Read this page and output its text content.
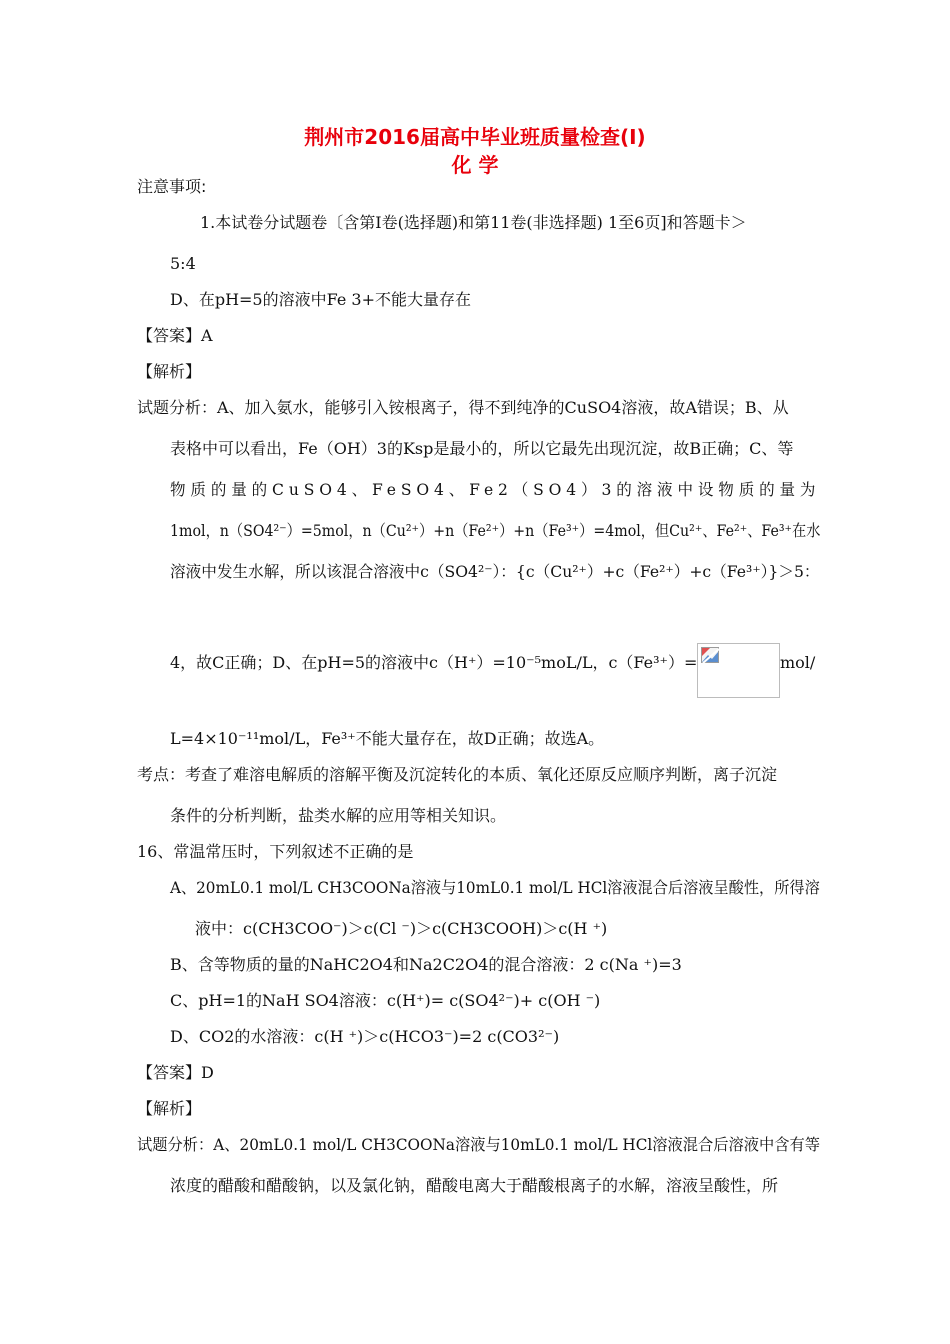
荆州市2016届高中毕业班质量检查(I)
化 学
注意事项:
1.本试卷分试题卷〔含第Ⅰ卷(选择题)和第11卷(非选择题) 1至6页]和答题卡＞
5:4
D、在pH=5的溶液中Fe 3+不能大量存在
【答案】A
【解析】
试题分析：A、加入氨水，能够引入铵根离子，得不到纯净的CuSO4溶液，故A错误；B、从
表格中可以看出，Fe（OH）3的Ksp是最小的，所以它最先出现沉淀，故B正确；C、等
物质的量的CuSO4、FeSO4、Fe2（SO4）3的溶液中设物质的量为
1mol，n（SO4²⁻）=5mol，n（Cu²⁺）+n（Fe²⁺）+n（Fe³⁺）=4mol，但Cu²⁺、Fe²⁺、Fe³⁺在水
溶液中发生水解，所以该混合溶液中c（SO4²⁻）：{c（Cu²⁺）+c（Fe²⁺）+c（Fe³⁺）}＞5：
4，故C正确；D、在pH=5的溶液中c（H⁺）=10⁻⁵moL/L，c（Fe³⁺）=	mol/
L=4×10⁻¹¹mol/L，Fe³⁺不能大量存在，故D正确；故选A。
考点：考查了难溶电解质的溶解平衡及沉淀转化的本质、氧化还原反应顺序判断，离子沉淀
条件的分析判断，盐类水解的应用等相关知识。
16、常温常压时，下列叙述不正确的是
A、20mL0.1 mol/L CH3COONa溶液与10mL0.1 mol/L HCl溶液混合后溶液呈酸性，所得溶
液中：c(CH3COO⁻)＞c(Cl ⁻)＞c(CH3COOH)＞c(H ⁺)
B、含等物质的量的NaHC2O4和Na2C2O4的混合溶液：2 c(Na ⁺)=3
C、pH=1的NaH SO4溶液：c(H⁺)= c(SO4²⁻)+ c(OH ⁻)
D、CO2的水溶液：c(H ⁺)＞c(HCO3⁻)=2 c(CO3²⁻)
【答案】D
【解析】
试题分析：A、20mL0.1 mol/L CH3COONa溶液与10mL0.1 mol/L HCl溶液混合后溶液中含有等
浓度的醋酸和醋酸钠，以及氯化钠，醋酸电离大于醋酸根离子的水解，溶液呈酸性，所
